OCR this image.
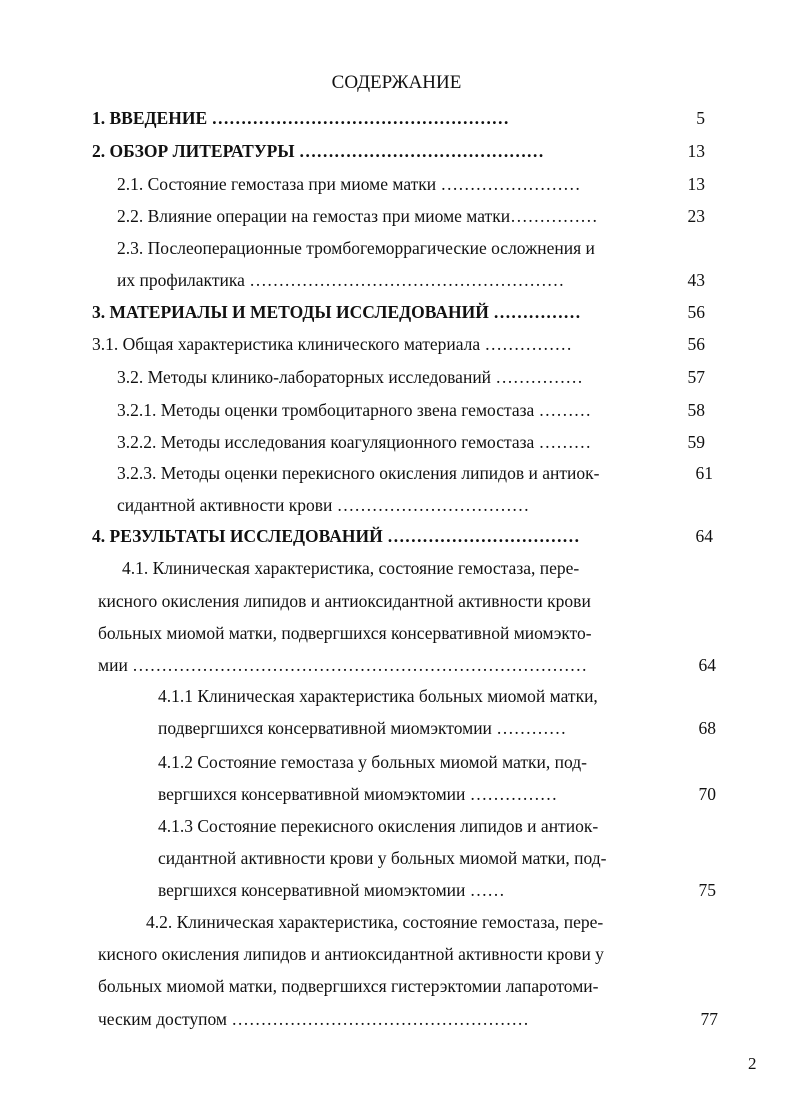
СОДЕРЖАНИЕ
1. ВВЕДЕНИЕ ……………………………………………	5
2. ОБЗОР ЛИТЕРАТУРЫ ……………………………………	13
2.1. Состояние гемостаза при миоме матки ……………………	13
2.2. Влияние операции на гемостаз при миоме матки……………	23
2.3. Послеоперационные тромбогеморрагические осложнения и
их профилактика ………………………………………………	43
3. МАТЕРИАЛЫ И МЕТОДЫ ИССЛЕДОВАНИЙ ……………	56
3.1. Общая характеристика клинического материала ……………	56
3.2. Методы клинико-лабораторных исследований ……………	57
3.2.1. Методы оценки тромбоцитарного звена гемостаза ………	58
3.2.2. Методы исследования коагуляционного гемостаза ………	59
3.2.3. Методы оценки перекисного окисления липидов и антиок-	61
сидантной активности крови ……………………………
4. РЕЗУЛЬТАТЫ ИССЛЕДОВАНИЙ ……………………………	64
4.1. Клиническая характеристика, состояние гемостаза, пере-
кисного окисления липидов и антиоксидантной активности крови
больных миомой матки, подвергшихся консервативной миомэкто-
мии ……………………………………………………………………	64
4.1.1 Клиническая характеристика больных миомой матки,
подвергшихся консервативной миомэктомии …………	68
4.1.2 Состояние гемостаза у больных миомой матки, под-
вергшихся консервативной миомэктомии ……………	70
4.1.3 Состояние перекисного окисления липидов и антиок-
сидантной активности крови у больных миомой матки, под-
вергшихся консервативной миомэктомии ……	75
4.2. Клиническая характеристика, состояние гемостаза, пере-
кисного окисления липидов и антиоксидантной активности крови у
больных миомой матки, подвергшихся гистерэктомии лапаротоми-
ческим доступом ……………………………………………	77
2
